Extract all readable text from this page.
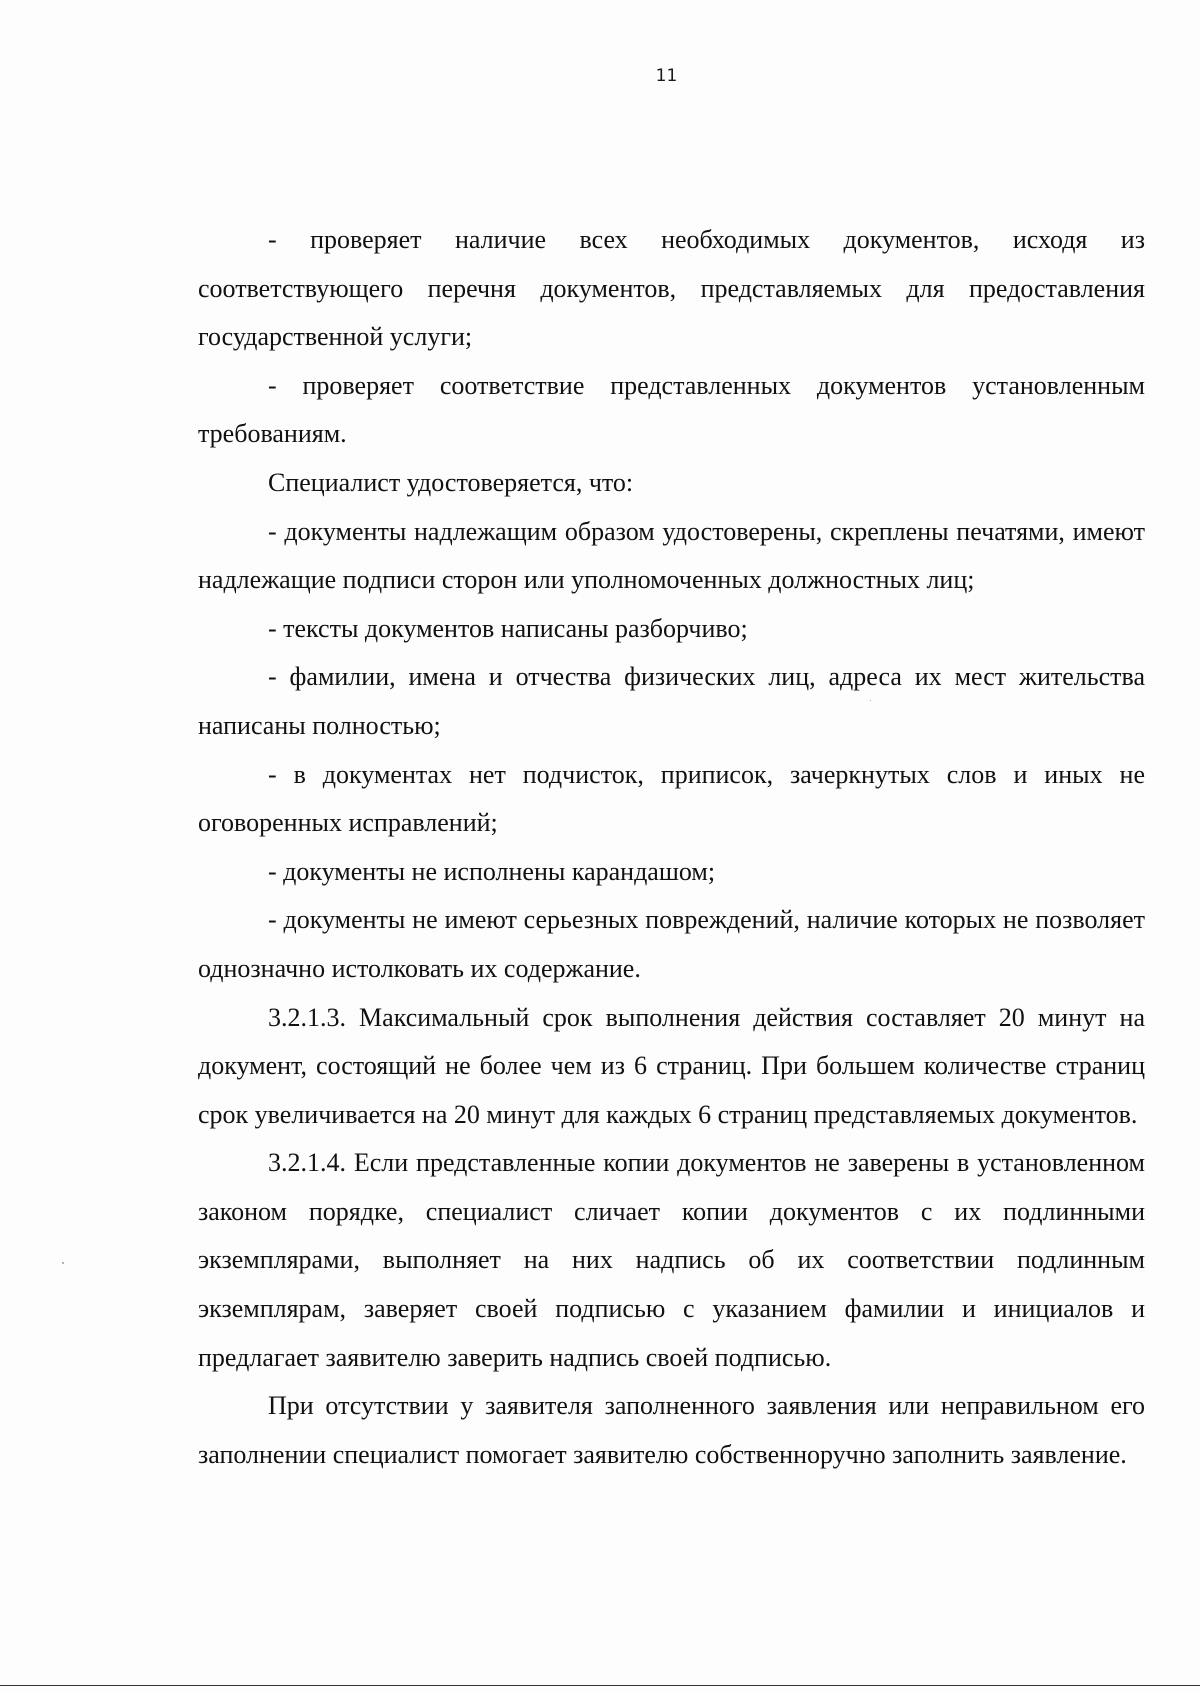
11

- проверяет наличие всех необходимых документов, исходя из соответствующего перечня документов, представляемых для предоставления государственной услуги;

- проверяет соответствие представленных документов установленным требованиям.

Специалист удостоверяется, что:

- документы надлежащим образом удостоверены, скреплены печатями, имеют надлежащие подписи сторон или уполномоченных должностных лиц;

- тексты документов написаны разборчиво;

- фамилии, имена и отчества физических лиц, адреса их мест жительства написаны полностью;

- в документах нет подчисток, приписок, зачеркнутых слов и иных не оговоренных исправлений;

- документы не исполнены карандашом;

- документы не имеют серьезных повреждений, наличие которых не позволяет однозначно истолковать их содержание.

3.2.1.3. Максимальный срок выполнения действия составляет 20 минут на документ, состоящий не более чем из 6 страниц. При большем количестве страниц срок увеличивается на 20 минут для каждых 6 страниц представляемых документов.

3.2.1.4. Если представленные копии документов не заверены в установленном законом порядке, специалист сличает копии документов с их подлинными экземплярами, выполняет на них надпись об их соответствии подлинным экземплярам, заверяет своей подписью с указанием фамилии и инициалов и предлагает заявителю заверить надпись своей подписью.

При отсутствии у заявителя заполненного заявления или неправильном его заполнении специалист помогает заявителю собственноручно заполнить заявление.
